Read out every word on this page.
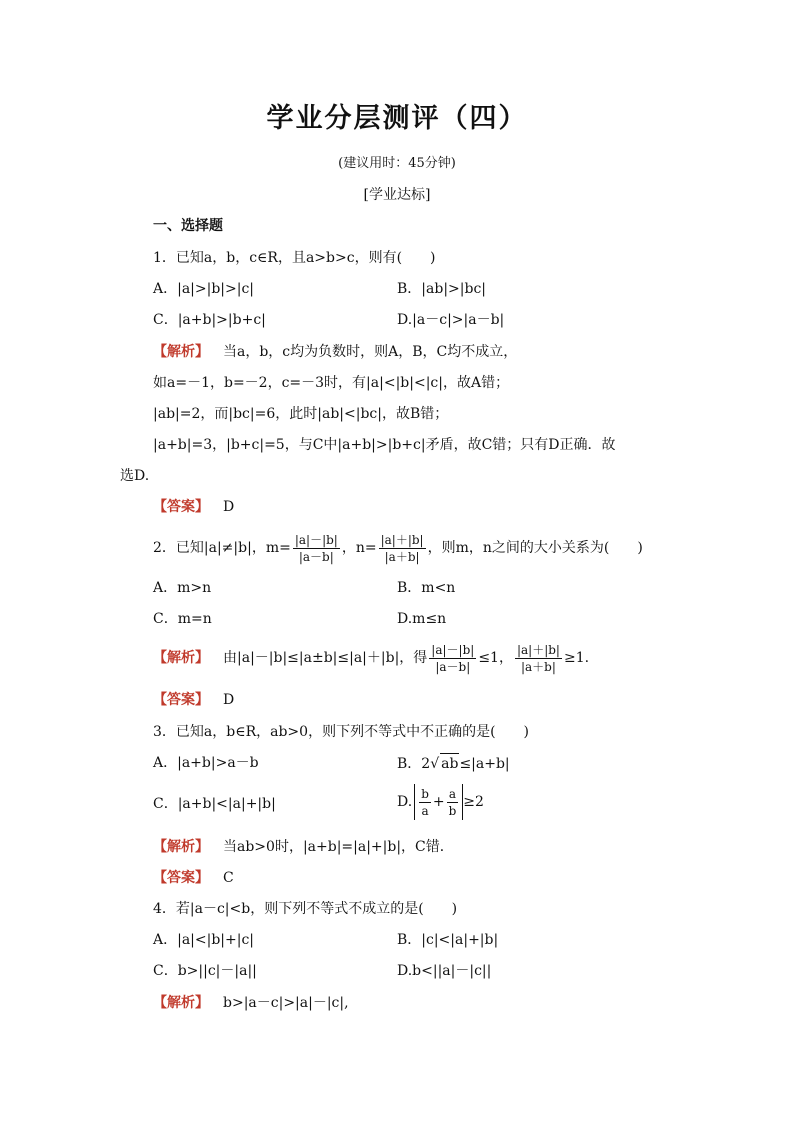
学业分层测评（四）
(建议用时：45分钟)
[学业达标]
一、选择题
1．已知a，b，c∈R，且a>b>c，则有(　　)
A．|a|>|b|>|c|	B．|ab|>|bc|
C．|a+b|>|b+c|	D.|a－c|>|a－b|
【解析】 当a，b，c均为负数时，则A，B，C均不成立，
如a=－1，b=－2，c=－3时，有|a|<|b|<|c|，故A错；
|ab|=2，而|bc|=6，此时|ab|<|bc|，故B错；
|a+b|=3，|b+c|=5，与C中|a+b|>|b+c|矛盾，故C错；只有D正确．故
选D.
【答案】 D
2．已知|a|≠|b|，$m= \frac{|a|-|b|}{|a-b|}$ ，$n= \frac{|a|+|b|}{|a+b|}$ ，则m，n之间的大小关系为(　　)
A．m>n	B．m<n
C．m=n	D.m≤n
【解析】 由|a|－|b|≤|a±b|≤|a|＋|b|，得 $\frac{|a|-|b|}{|a-b|} \le 1$， $\frac{|a|+|b|}{|a+b|} \ge 1$.
【答案】 D
3．已知a，b∈R，ab>0，则下列不等式中不正确的是(　　)
A．|a+b|>a－b	B．2√ ab≤|a+b|
C．|a+b|<|a|+|b|	D. $\frac{b}{a} + \frac{a}{b} \ge 2$
【解析】 当ab>0时，|a+b|=|a|+|b|，C错．
【答案】 C
4．若|a－c|<b，则下列不等式不成立的是(　　)
A．|a|<|b|+|c|	B．|c|<|a|+|b|
C．b>||c|－|a||	D.b<||a|－|c||
【解析】 b>|a－c|>|a|－|c|,
